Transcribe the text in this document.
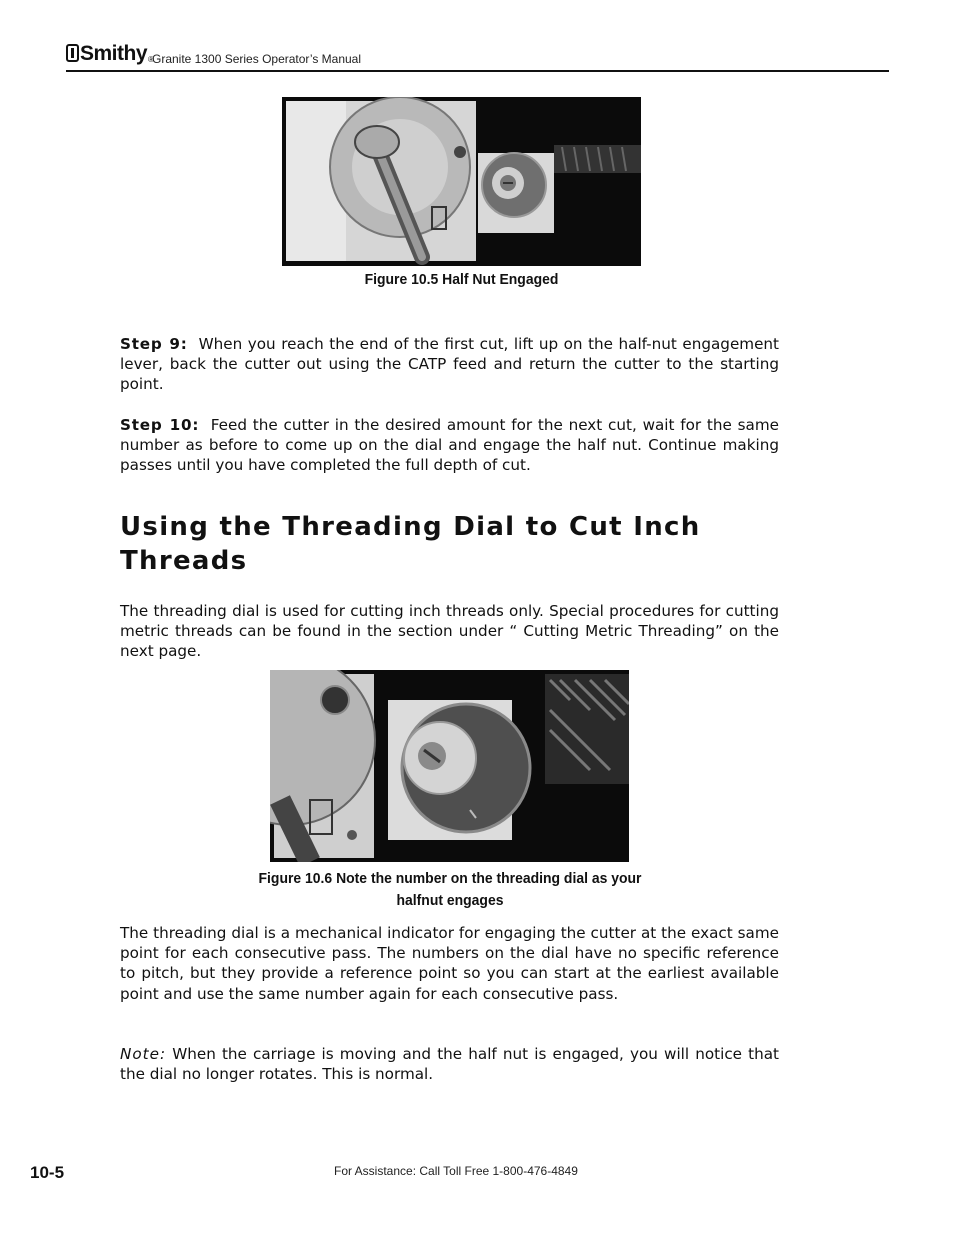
Smithy®
Granite 1300 Series Operator’s Manual
Figure 10.5 Half Nut Engaged

Step 9: When you reach the end of the first cut, lift up on the half-nut engagement lever, back the cutter out using the CATP feed and return the cutter to the starting point.

Step 10: Feed the cutter in the desired amount for the next cut, wait for the same number as before to come up on the dial and engage the half nut. Continue making passes until you have completed the full depth of cut.

Using the Threading Dial to Cut Inch
Threads

The threading dial is used for cutting inch threads only. Special procedures for cutting metric threads can be found in the section under “ Cutting Metric Threading” on the next page.

Figure 10.6 Note the number on the threading dial as your
halfnut engages

The threading dial is a mechanical indicator for engaging the cutter at the exact same point for each consecutive pass. The numbers on the dial have no specific reference to pitch, but they provide a reference point so you can start at the earliest available point and use the same number again for each consecutive pass.

Note: When the carriage is moving and the half nut is engaged, you will notice that the dial no longer rotates. This is normal.

10-5	For Assistance: Call Toll Free 1-800-476-4849
